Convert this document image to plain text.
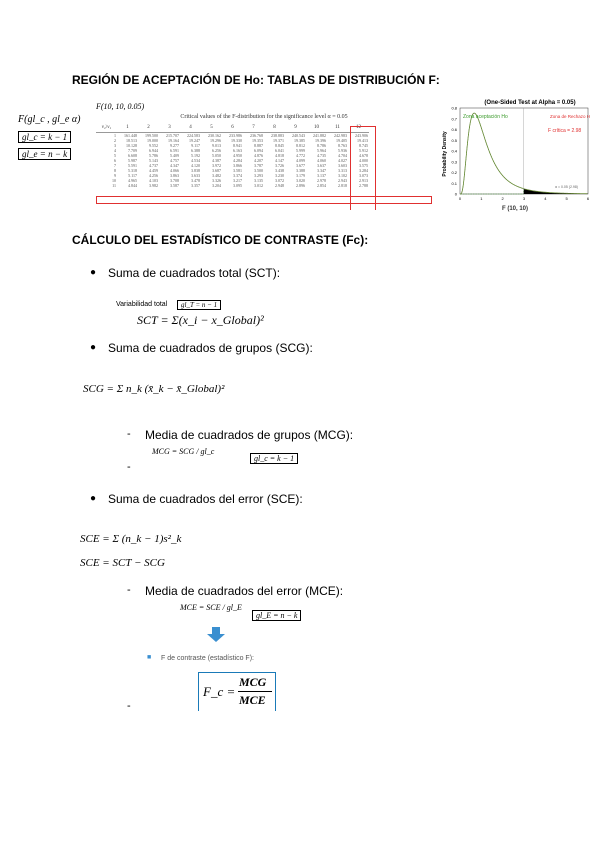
REGIÓN DE ACEPTACIÓN DE Ho: TABLAS DE DISTRIBUCIÓN F:
F(gl_c , gl_e α)
gl_c = k − 1
gl_e = n − k
F(10, 10, 0.05)
Critical values of the F-distribution for the significance level α = 0.05
ν₂\ν₁	1	2	3	4	5	6	7	8	9	10	11	12
1	161.448	199.500	215.707	224.583	230.162	233.986	236.768	238.883	240.543	241.882	242.983	243.906
2	18.513	19.000	19.164	19.247	19.296	19.330	19.353	19.371	19.385	19.396	19.405	19.413
3	10.128	9.552	9.277	9.117	9.013	8.941	8.887	8.845	8.812	8.786	8.763	8.745
4	7.709	6.944	6.591	6.388	6.256	6.163	6.094	6.041	5.999	5.964	5.936	5.912
5	6.608	5.786	5.409	5.192	5.050	4.950	4.876	4.818	4.772	4.735	4.704	4.678
6	5.987	5.143	4.757	4.534	4.387	4.284	4.207	4.147	4.099	4.060	4.027	4.000
7	5.591	4.737	4.347	4.120	3.972	3.866	3.787	3.726	3.677	3.637	3.603	3.575
8	5.318	4.459	4.066	3.838	3.687	3.581	3.500	3.438	3.388	3.347	3.313	3.284
9	5.117	4.256	3.863	3.633	3.482	3.374	3.293	3.230	3.179	3.137	3.102	3.073
10	4.965	4.103	3.708	3.478	3.326	3.217	3.135	3.072	3.020	2.978	2.943	2.913
11	4.844	3.982	3.587	3.357	3.204	3.095	3.012	2.948	2.896	2.854	2.818	2.788
(One-Sided Test at Alpha = 0.05)
Probability Density
0.8
0.7
0.6
0.5
0.4
0.3
0.2
0.1
0
0	1	2	3	4	5	6
Zona aceptación Ho	Zona de Rechazo Ho
F crítica = 2.98
α = 0.05 (2.98)
F (10, 10)
CÁLCULO DEL ESTADÍSTICO DE CONTRASTE (Fc):
● Suma de cuadrados total (SCT):
Variabilidad total	gl_T = n − 1
SCT = Σ(x_i − x_Global)²
● Suma de cuadrados de grupos (SCG):
SCG = Σ n_k (x̄_k − x̄_Global)²
- Media de cuadrados de grupos (MCG):
-
MCG = SCG / gl_c
gl_c = k − 1
● Suma de cuadrados del error (SCE):
SCE = Σ (n_k − 1)s²_k
SCE = SCT − SCG
- Media de cuadrados del error (MCE):
MCE = SCE / gl_E
gl_E = n − k
■ F de contraste (estadístico F):
F_c =
MCG
MCE
-
